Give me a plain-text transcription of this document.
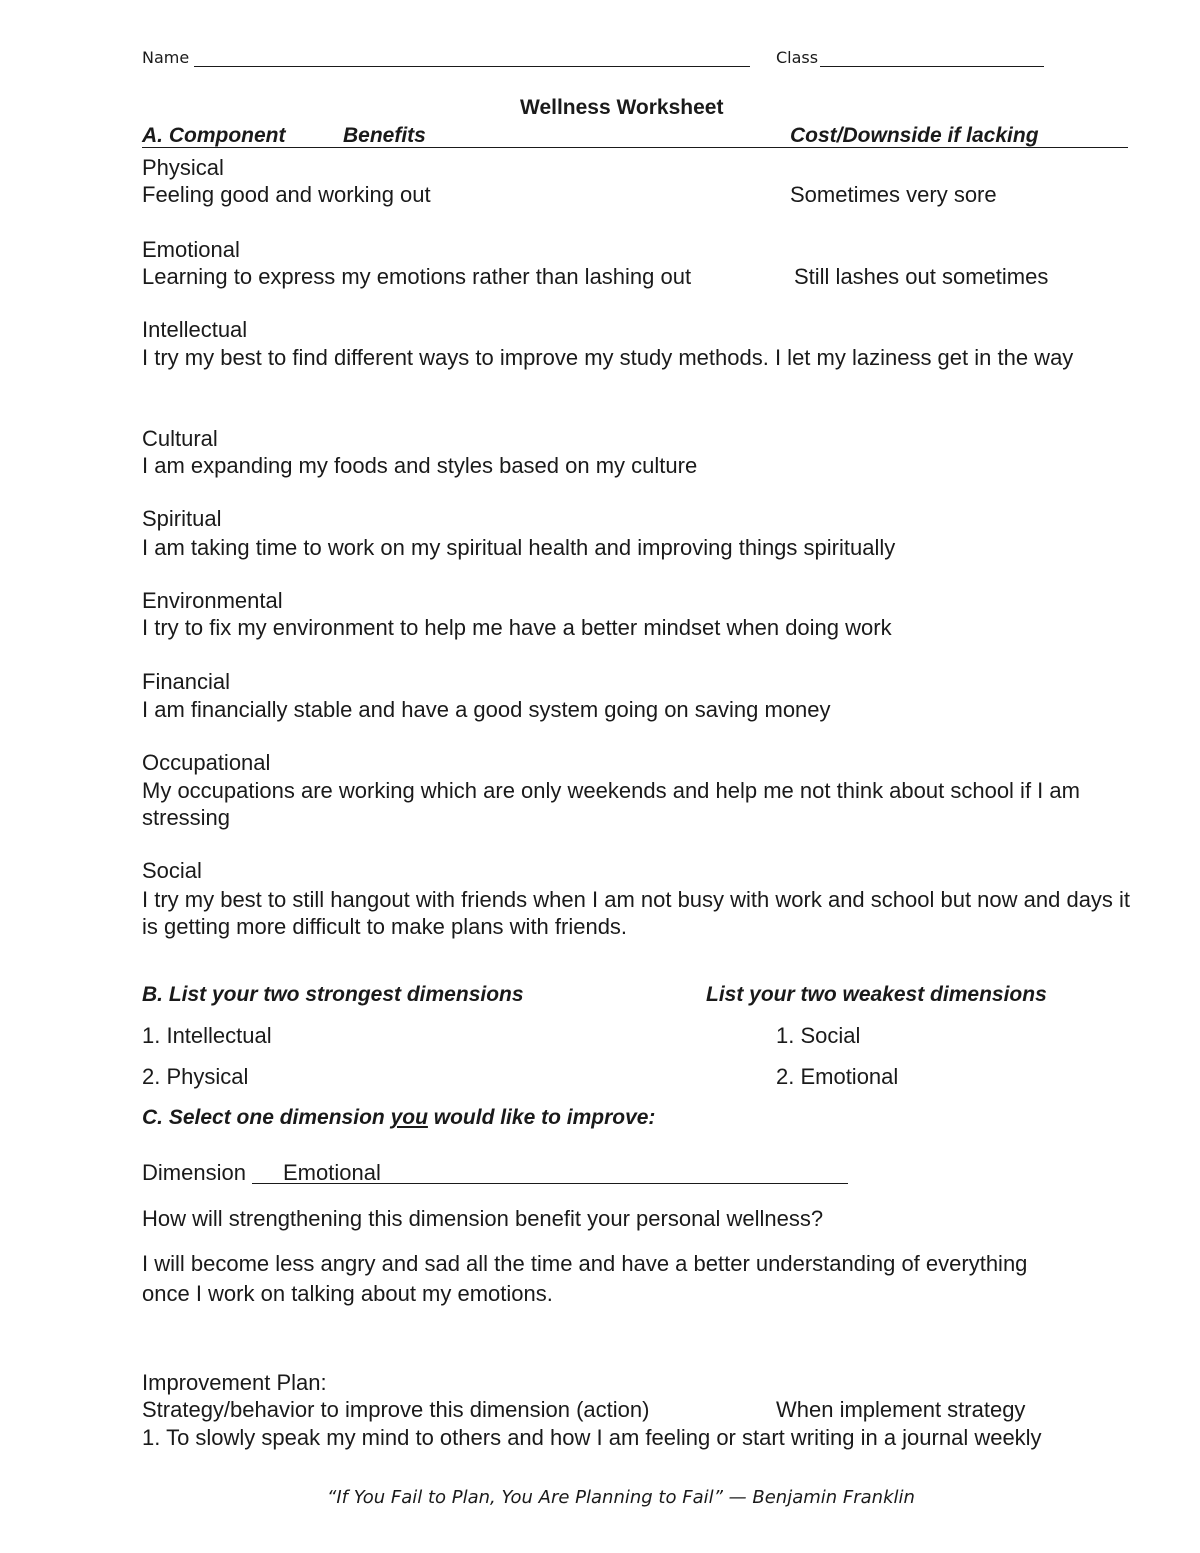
Name	Class
Wellness Worksheet
A. Component	Benefits	Cost/Downside if lacking
Physical
Feeling good and working out	Sometimes very sore
Emotional
Learning to express my emotions rather than lashing out	Still lashes out sometimes
Intellectual
I try my best to find different ways to improve my study methods. I let my laziness get in the way
Cultural
I am expanding my foods and styles based on my culture
Spiritual
I am taking time to work on my spiritual health and improving things spiritually
Environmental
I try to fix my environment to help me have a better mindset when doing work
Financial
I am financially stable and have a good system going on saving money
Occupational
My occupations are working which are only weekends and help me not think about school if I am stressing
Social
I try my best to still hangout with friends when I am not busy with work and school but now and days it is getting more difficult to make plans with friends.
B. List your two strongest dimensions	List your two weakest dimensions
1. Intellectual	1. Social
2. Physical	2. Emotional
C. Select one dimension you would like to improve:
Dimension Emotional
How will strengthening this dimension benefit your personal wellness?
I will become less angry and sad all the time and have a better understanding of everything
once I work on talking about my emotions.
Improvement Plan:
Strategy/behavior to improve this dimension (action)	When implement strategy
1. To slowly speak my mind to others and how I am feeling or start writing in a journal weekly
“If You Fail to Plan, You Are Planning to Fail” — Benjamin Franklin
